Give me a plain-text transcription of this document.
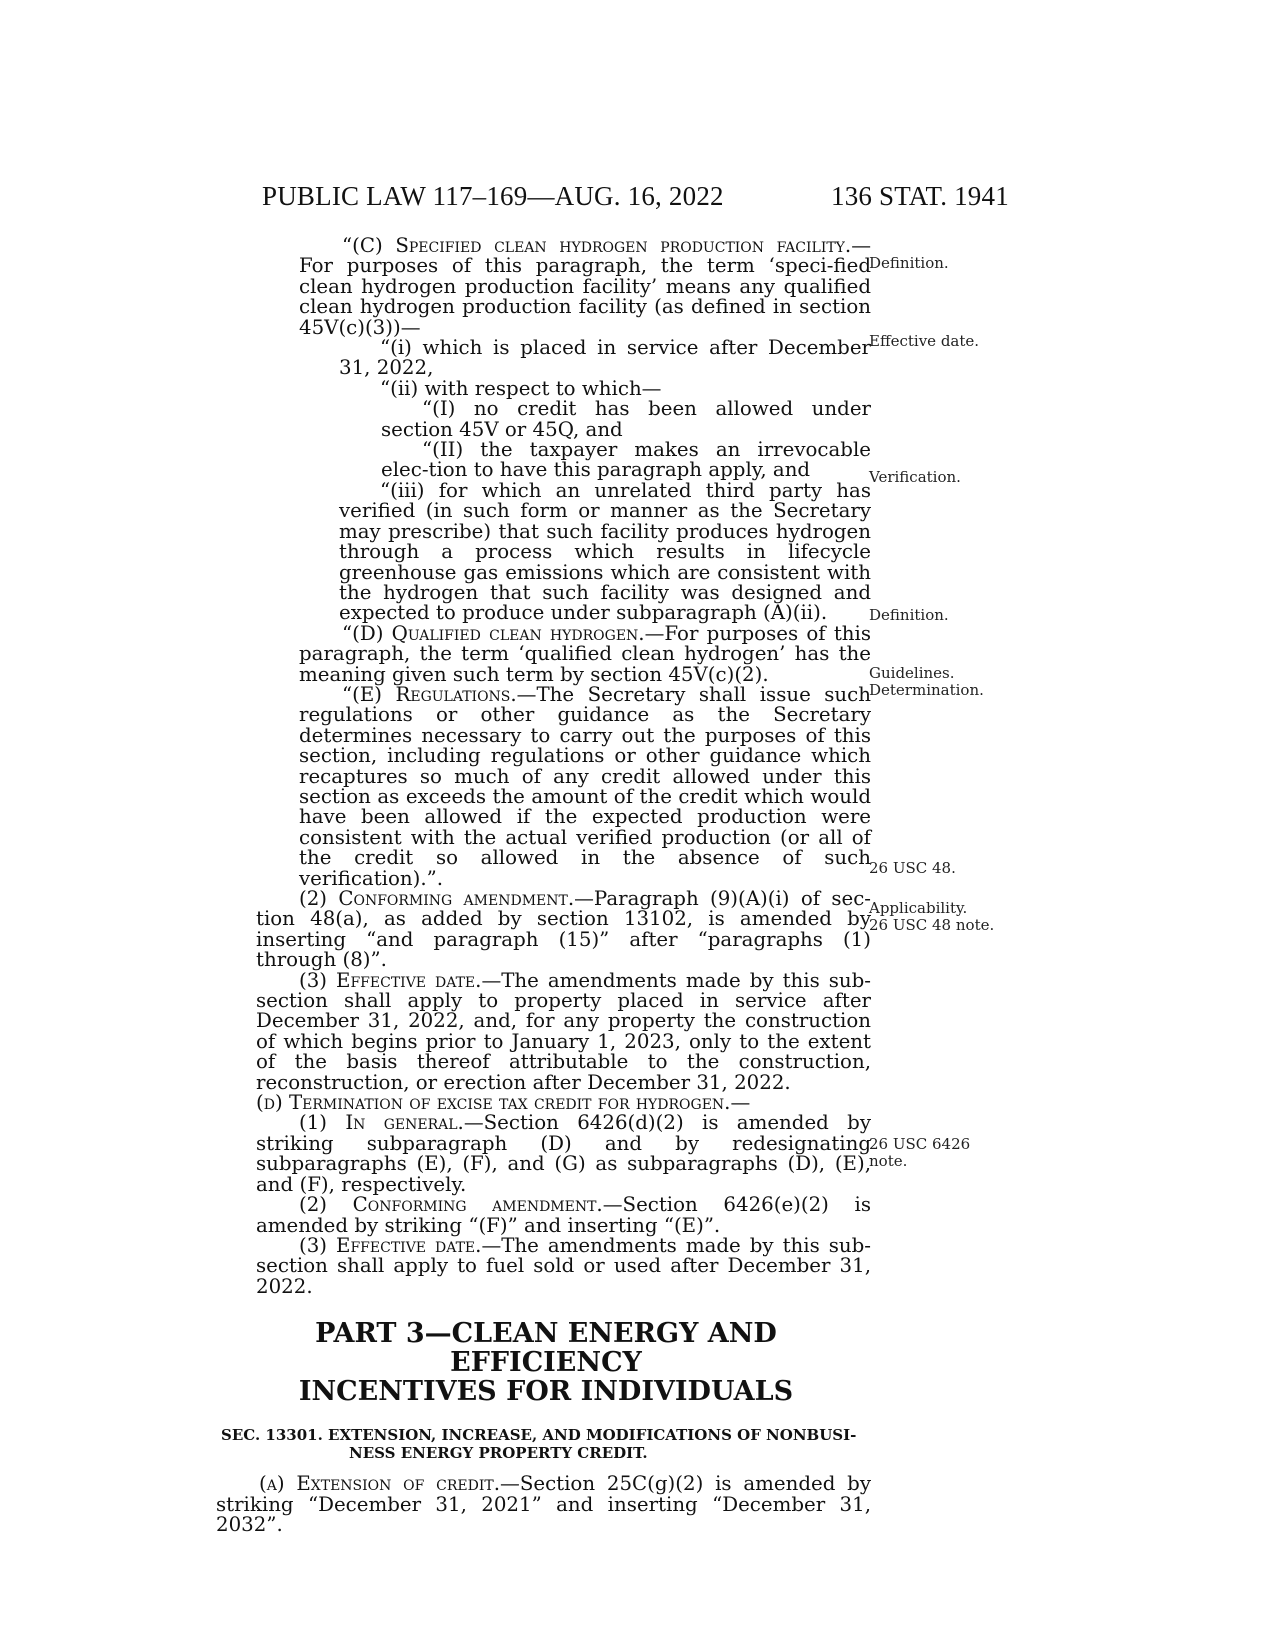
PUBLIC LAW 117–169—AUG. 16, 2022	136 STAT. 1941

“(C) Specified clean hydrogen production facility.—For purposes of this paragraph, the term ‘speci-fied clean hydrogen production facility’ means any qualified clean hydrogen production facility (as defined in section 45V(c)(3))—

“(i) which is placed in service after December 31, 2022,

“(ii) with respect to which—

“(I) no credit has been allowed under section 45V or 45Q, and

“(II) the taxpayer makes an irrevocable elec-tion to have this paragraph apply, and

“(iii) for which an unrelated third party has verified (in such form or manner as the Secretary may prescribe) that such facility produces hydrogen through a process which results in lifecycle greenhouse gas emissions which are consistent with the hydrogen that such facility was designed and expected to produce under subparagraph (A)(ii).

“(D) Qualified clean hydrogen.—For purposes of this paragraph, the term ‘qualified clean hydrogen’ has the meaning given such term by section 45V(c)(2).

“(E) Regulations.—The Secretary shall issue such regulations or other guidance as the Secretary determines necessary to carry out the purposes of this section, including regulations or other guidance which recaptures so much of any credit allowed under this section as exceeds the amount of the credit which would have been allowed if the expected production were consistent with the actual verified production (or all of the credit so allowed in the absence of such verification).”.

(2) Conforming amendment.—Paragraph (9)(A)(i) of sec-tion 48(a), as added by section 13102, is amended by inserting “and paragraph (15)” after “paragraphs (1) through (8)”.

(3) Effective date.—The amendments made by this sub-section shall apply to property placed in service after December 31, 2022, and, for any property the construction of which begins prior to January 1, 2023, only to the extent of the basis thereof attributable to the construction, reconstruction, or erection after December 31, 2022.

(d) Termination of excise tax credit for hydrogen.—

(1) In general.—Section 6426(d)(2) is amended by striking subparagraph (D) and by redesignating subparagraphs (E), (F), and (G) as subparagraphs (D), (E), and (F), respectively.

(2) Conforming amendment.—Section 6426(e)(2) is amended by striking “(F)” and inserting “(E)”.

(3) Effective date.—The amendments made by this sub-section shall apply to fuel sold or used after December 31, 2022.

PART 3—CLEAN ENERGY AND EFFICIENCY
INCENTIVES FOR INDIVIDUALS
SEC. 13301. EXTENSION, INCREASE, AND MODIFICATIONS OF NONBUSI-
NESS ENERGY PROPERTY CREDIT.

(a) Extension of credit.—Section 25C(g)(2) is amended by striking “December 31, 2021” and inserting “December 31, 2032”.

Definition.
Effective date.
Verification.
Definition.
Guidelines.
Determination.
26 USC 48.
Applicability.
26 USC 48 note.
26 USC 6426
note.
